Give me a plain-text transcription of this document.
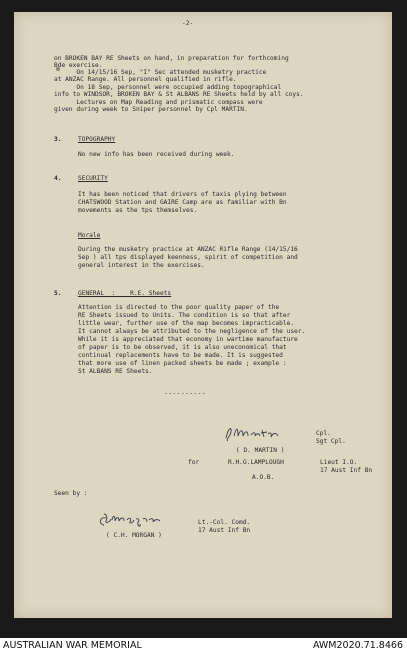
-2-
on BROKEN BAY RE Sheets on hand, in preparation for forthcoming
Bde exercise.
On 14/15/16 Sep, "I" Sec attended musketry practice
at ANZAC Range. All personnel qualified in rifle.
On 18 Sep, personnel were occupied adding topographical
info to WINDSOR, BROKEN BAY & St ALBANS RE Sheets held by all coys.
Lectures on Map Reading and prismatic compass were
given during week to Sniper personnel by Cpl MARTIN.
3.	TOPOGRAPHY
No new info has been received during week.
4.	SECURITY
It has been noticed that drivers of taxis plying between
CHATSWOOD Station and GAIRE Camp are as familiar with Bn
movements as the tps themselves.
Morale
During the musketry practice at ANZAC Rifle Range (14/15/16
Sep ) all tps displayed keenness, spirit of competition and
general interest in the exercises.
5.	GENERAL  :    R.E. Sheets
Attention is directed to the poor quality paper of the
RE Sheets issued to Units. The condition is so that after
little wear, further use of the map becomes impracticable.
It cannot always be attributed to the negligence of the user.
While it is appreciated that economy in wartime manufacture
of paper is to be observed, it is also uneconomical that
continual replacements have to be made. It is suggested
that more use of linen packed sheets be made ; example :
St ALBANS RE Sheets.
----------
Cpl.
Sgt Cpl.
( D. MARTIN )
for	R.H.G.LAMPLOUGH	Lieut I.O.
17 Aust Inf Bn
A.O.B.
Seen by :
( C.H. MORGAN )
Lt.-Col. Comd.
17 Aust Inf Bn
AUSTRALIAN WAR MEMORIAL	AWM2020.71.8466
